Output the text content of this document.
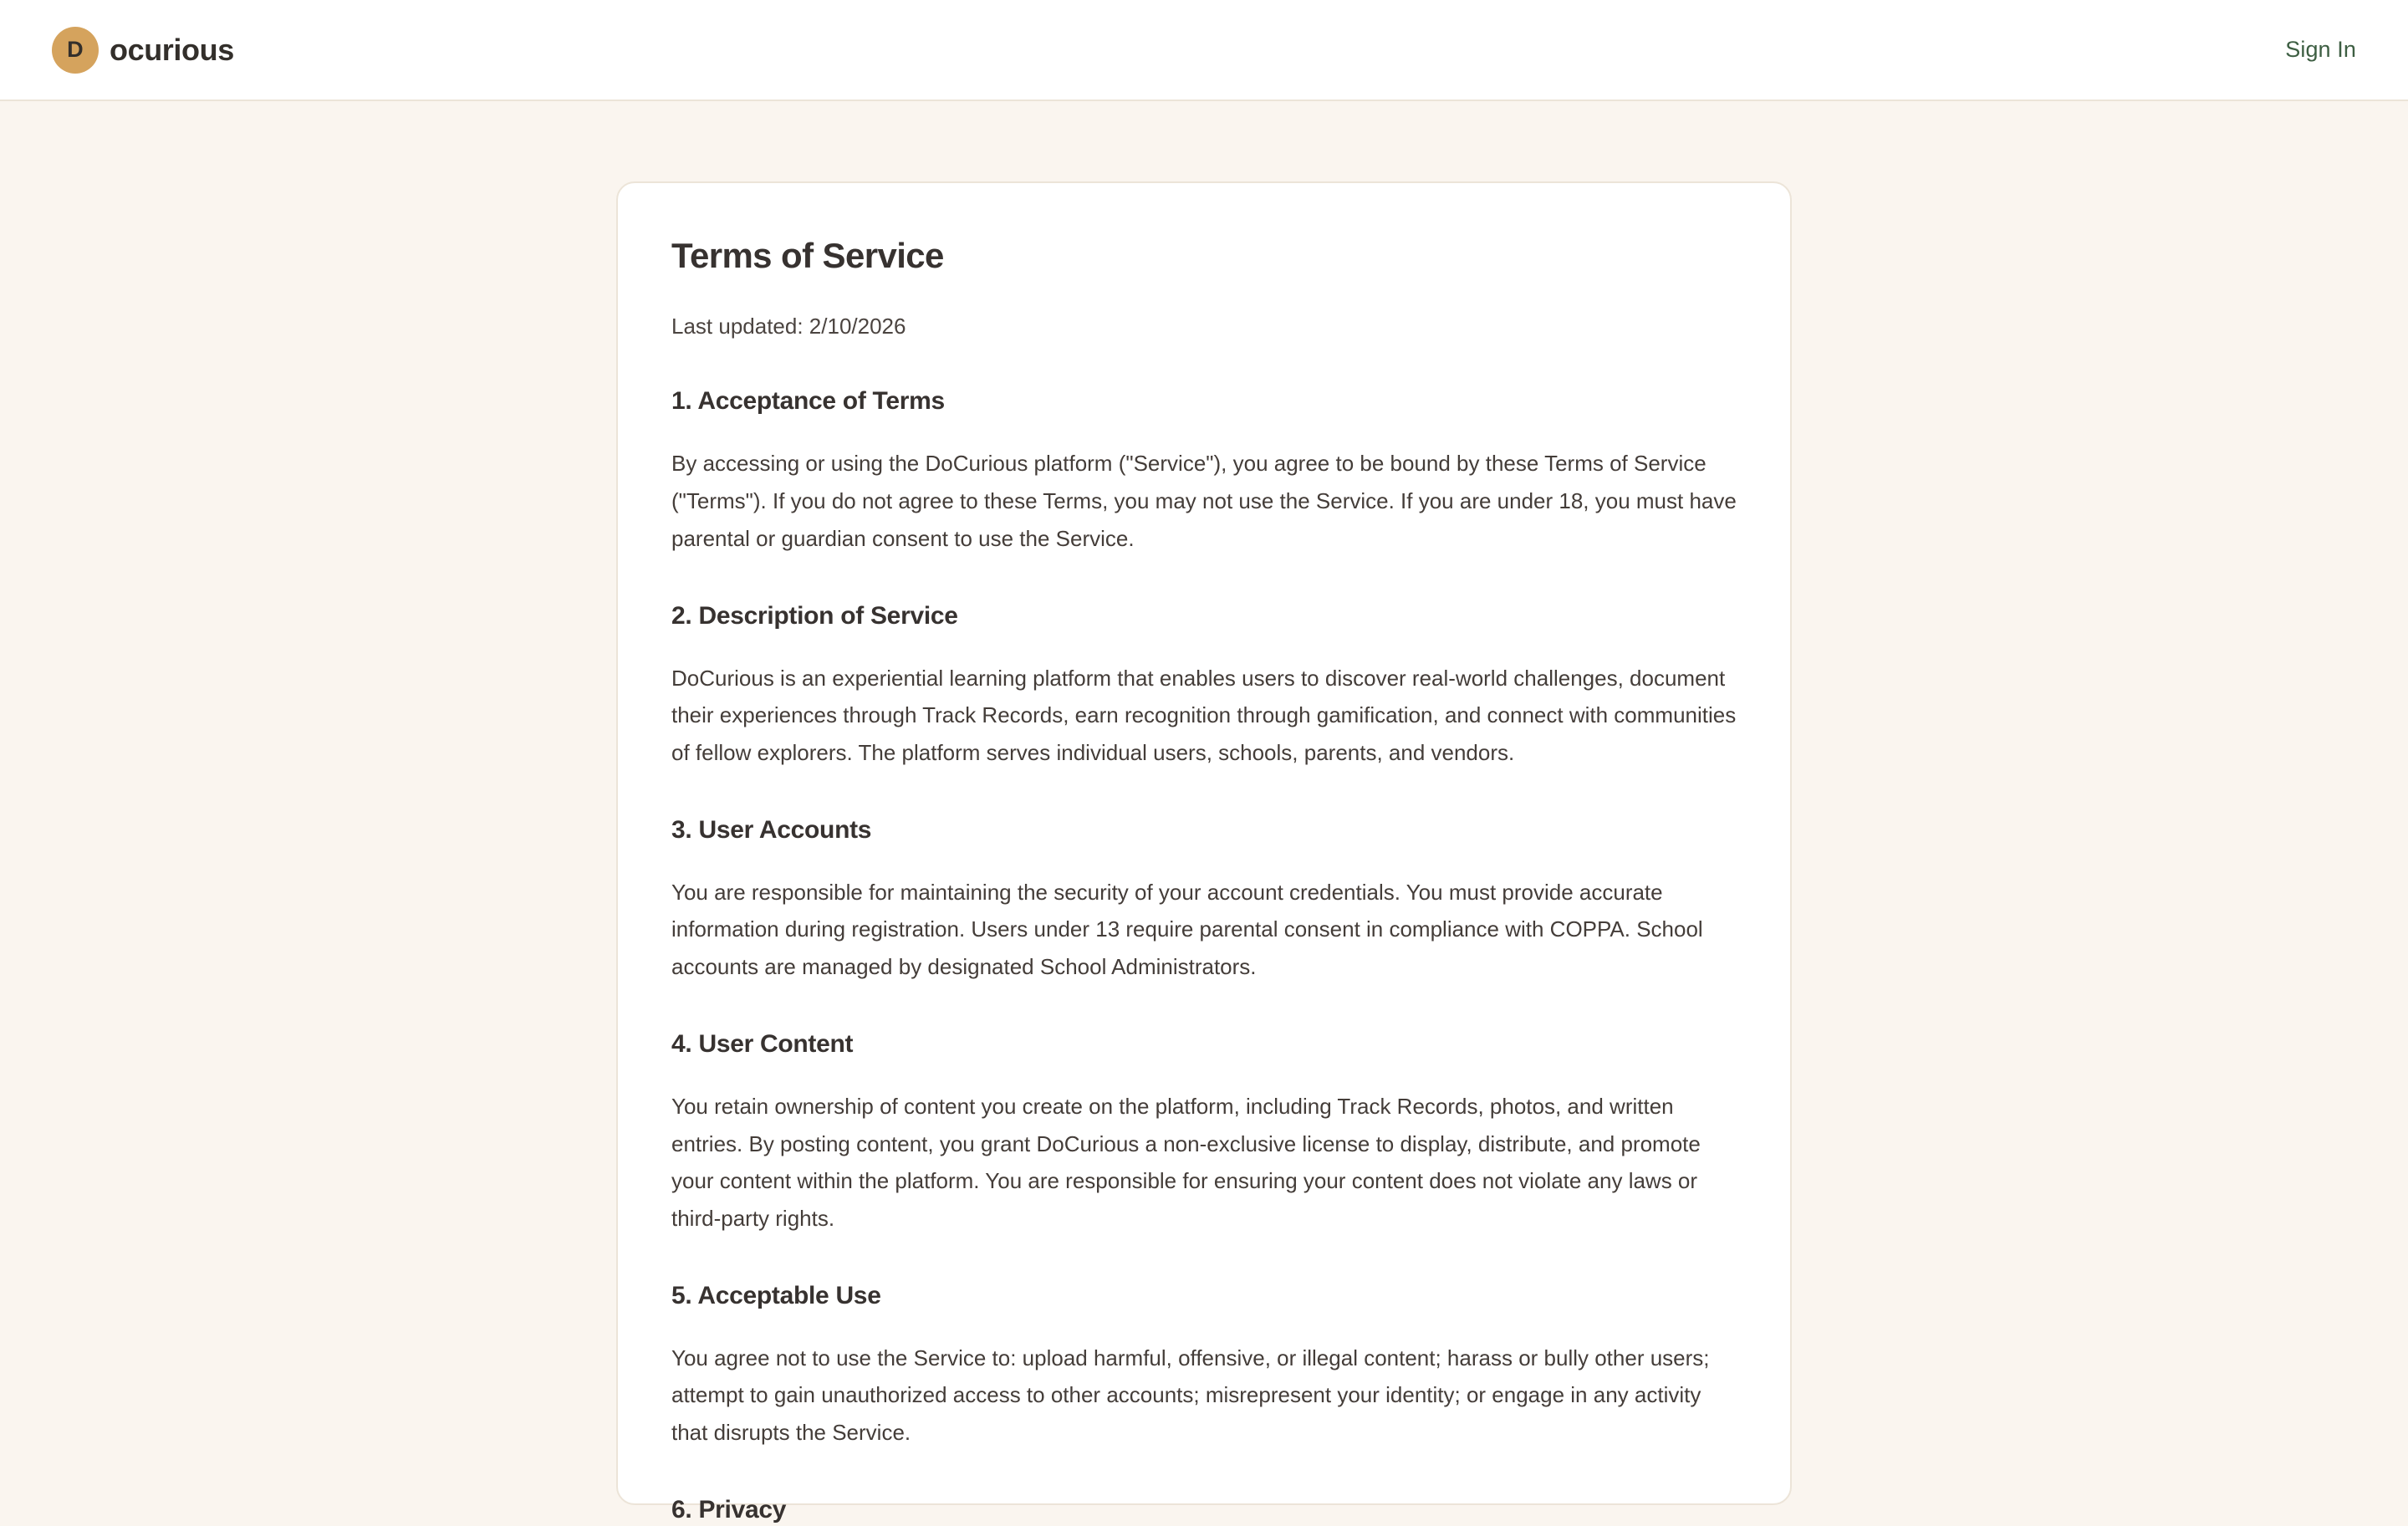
D ocurious	Sign In
Terms of Service

Last updated: 2/10/2026

1. Acceptance of Terms

By accessing or using the DoCurious platform ("Service"), you agree to be bound by these Terms of Service ("Terms"). If you do not agree to these Terms, you may not use the Service. If you are under 18, you must have parental or guardian consent to use the Service.

2. Description of Service

DoCurious is an experiential learning platform that enables users to discover real-world challenges, document their experiences through Track Records, earn recognition through gamification, and connect with communities of fellow explorers. The platform serves individual users, schools, parents, and vendors.

3. User Accounts

You are responsible for maintaining the security of your account credentials. You must provide accurate information during registration. Users under 13 require parental consent in compliance with COPPA. School accounts are managed by designated School Administrators.

4. User Content

You retain ownership of content you create on the platform, including Track Records, photos, and written entries. By posting content, you grant DoCurious a non-exclusive license to display, distribute, and promote your content within the platform. You are responsible for ensuring your content does not violate any laws or third-party rights.

5. Acceptable Use

You agree not to use the Service to: upload harmful, offensive, or illegal content; harass or bully other users; attempt to gain unauthorized access to other accounts; misrepresent your identity; or engage in any activity that disrupts the Service.

6. Privacy
